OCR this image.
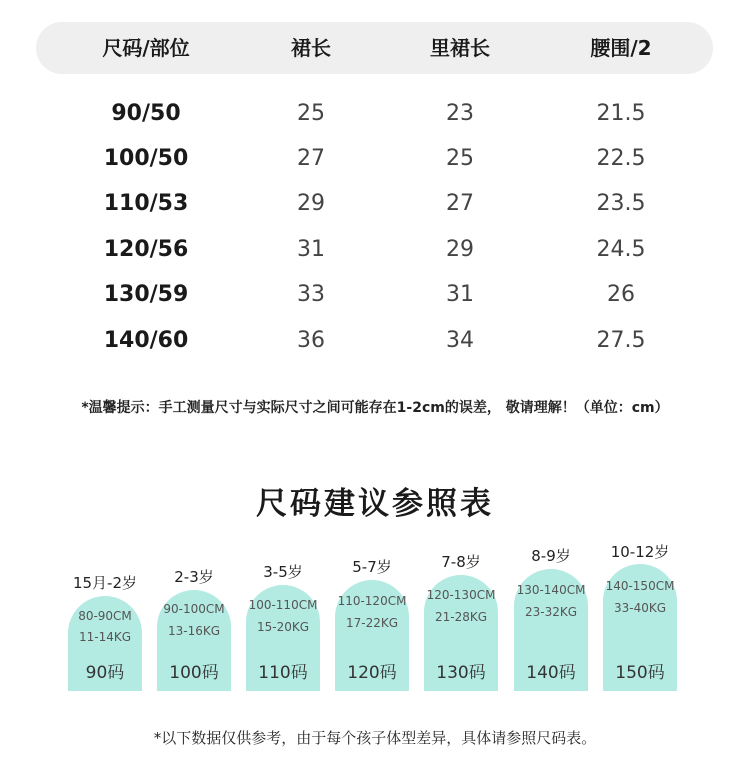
尺码/部位	裙长	里裙长	腰围/2
90/50	25	23	21.5
100/50	27	25	22.5
110/53	29	27	23.5
120/56	31	29	24.5
130/59	33	31	26
140/60	36	34	27.5
*温馨提示：手工测量尺寸与实际尺寸之间可能存在1-2cm的误差， 敬请理解！（单位：cm）
尺码建议参照表
15月-2岁
80-90CM
11-14KG
90码
2-3岁
90-100CM
13-16KG
100码
3-5岁
100-110CM
15-20KG
110码
5-7岁
110-120CM
17-22KG
120码
7-8岁
120-130CM
21-28KG
130码
8-9岁
130-140CM
23-32KG
140码
10-12岁
140-150CM
33-40KG
150码
*以下数据仅供参考，由于每个孩子体型差异，具体请参照尺码表。
